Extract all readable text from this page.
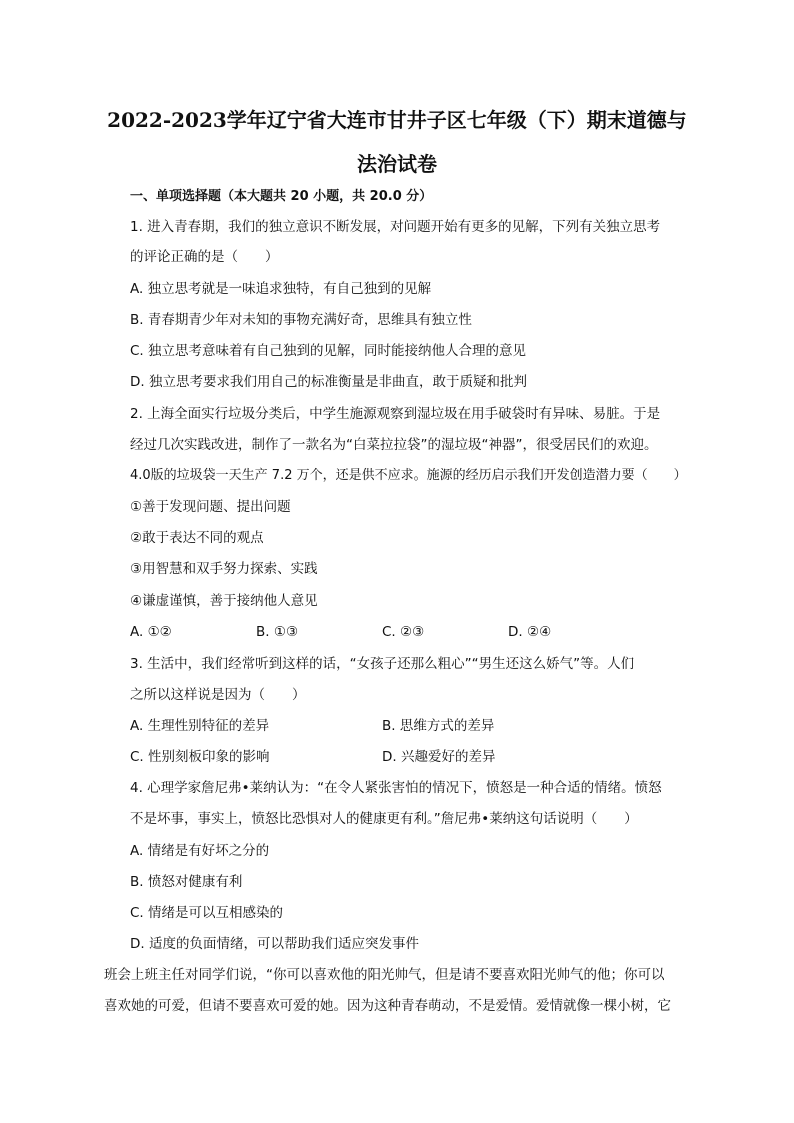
2022-2023学年辽宁省大连市甘井子区七年级（下）期末道德与
法治试卷
一、单项选择题（本大题共 20 小题，共 20.0 分）
1. 进入青春期，我们的独立意识不断发展，对问题开始有更多的见解，下列有关独立思考
的评论正确的是（　　）
A. 独立思考就是一味追求独特，有自己独到的见解
B. 青春期青少年对未知的事物充满好奇，思维具有独立性
C. 独立思考意味着有自己独到的见解，同时能接纳他人合理的意见
D. 独立思考要求我们用自己的标准衡量是非曲直，敢于质疑和批判
2. 上海全面实行垃圾分类后，中学生施源观察到湿垃圾在用手破袋时有异味、易脏。于是
经过几次实践改进，制作了一款名为“白菜拉拉袋”的湿垃圾“神器”，很受居民们的欢迎。
4.0版的垃圾袋一天生产 7.2 万个，还是供不应求。施源的经历启示我们开发创造潜力要（　　）
①善于发现问题、提出问题
②敢于表达不同的观点
③用智慧和双手努力探索、实践
④谦虚谨慎，善于接纳他人意见
A. ①②	B. ①③	C. ②③	D. ②④
3. 生活中，我们经常听到这样的话，“女孩子还那么粗心”“男生还这么娇气”等。人们
之所以这样说是因为（　　）
A. 生理性别特征的差异	B. 思维方式的差异
C. 性别刻板印象的影响	D. 兴趣爱好的差异
4. 心理学家詹尼弗•莱纳认为：“在令人紧张害怕的情况下，愤怒是一种合适的情绪。愤怒
不是坏事，事实上，愤怒比恐惧对人的健康更有利。”詹尼弗•莱纳这句话说明（　　）
A. 情绪是有好坏之分的
B. 愤怒对健康有利
C. 情绪是可以互相感染的
D. 适度的负面情绪，可以帮助我们适应突发事件
班会上班主任对同学们说，“你可以喜欢他的阳光帅气，但是请不要喜欢阳光帅气的他；你可以
喜欢她的可爱，但请不要喜欢可爱的她。因为这种青春萌动，不是爱情。爱情就像一棵小树，它
